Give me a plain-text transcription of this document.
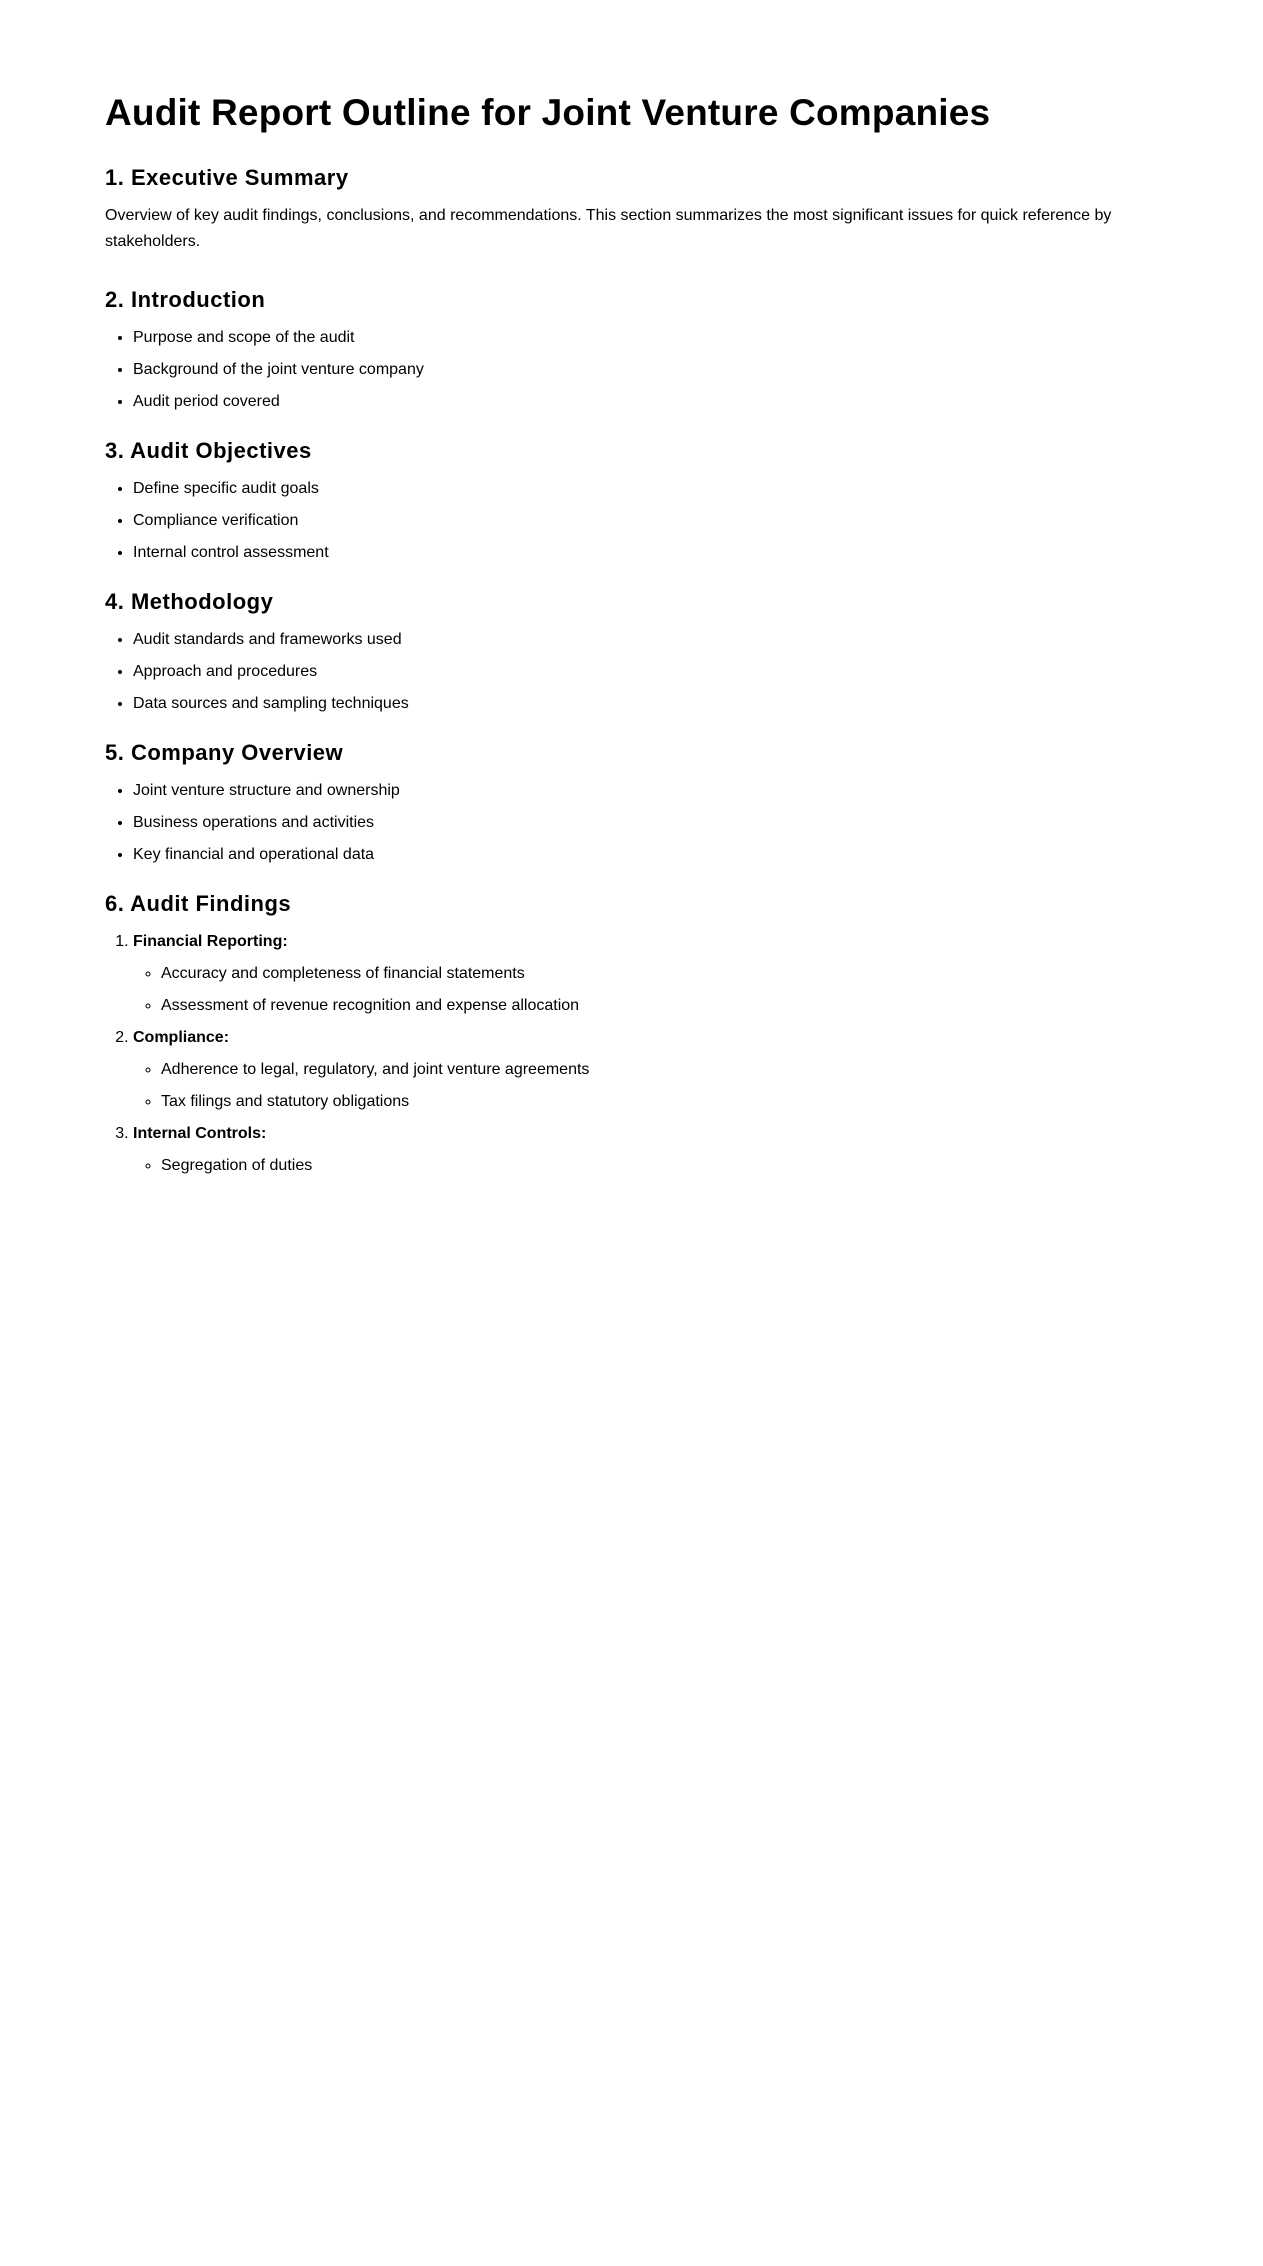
Audit Report Outline for Joint Venture Companies
1. Executive Summary

Overview of key audit findings, conclusions, and recommendations. This section summarizes the most significant issues for quick reference by stakeholders.

2. Introduction
• Purpose and scope of the audit
• Background of the joint venture company
• Audit period covered
3. Audit Objectives
• Define specific audit goals
• Compliance verification
• Internal control assessment
4. Methodology
• Audit standards and frameworks used
• Approach and procedures
• Data sources and sampling techniques
5. Company Overview
• Joint venture structure and ownership
• Business operations and activities
• Key financial and operational data
6. Audit Findings
1. Financial Reporting:
◦ Accuracy and completeness of financial statements
◦ Assessment of revenue recognition and expense allocation
2. Compliance:
◦ Adherence to legal, regulatory, and joint venture agreements
◦ Tax filings and statutory obligations
3. Internal Controls:
◦ Segregation of duties
